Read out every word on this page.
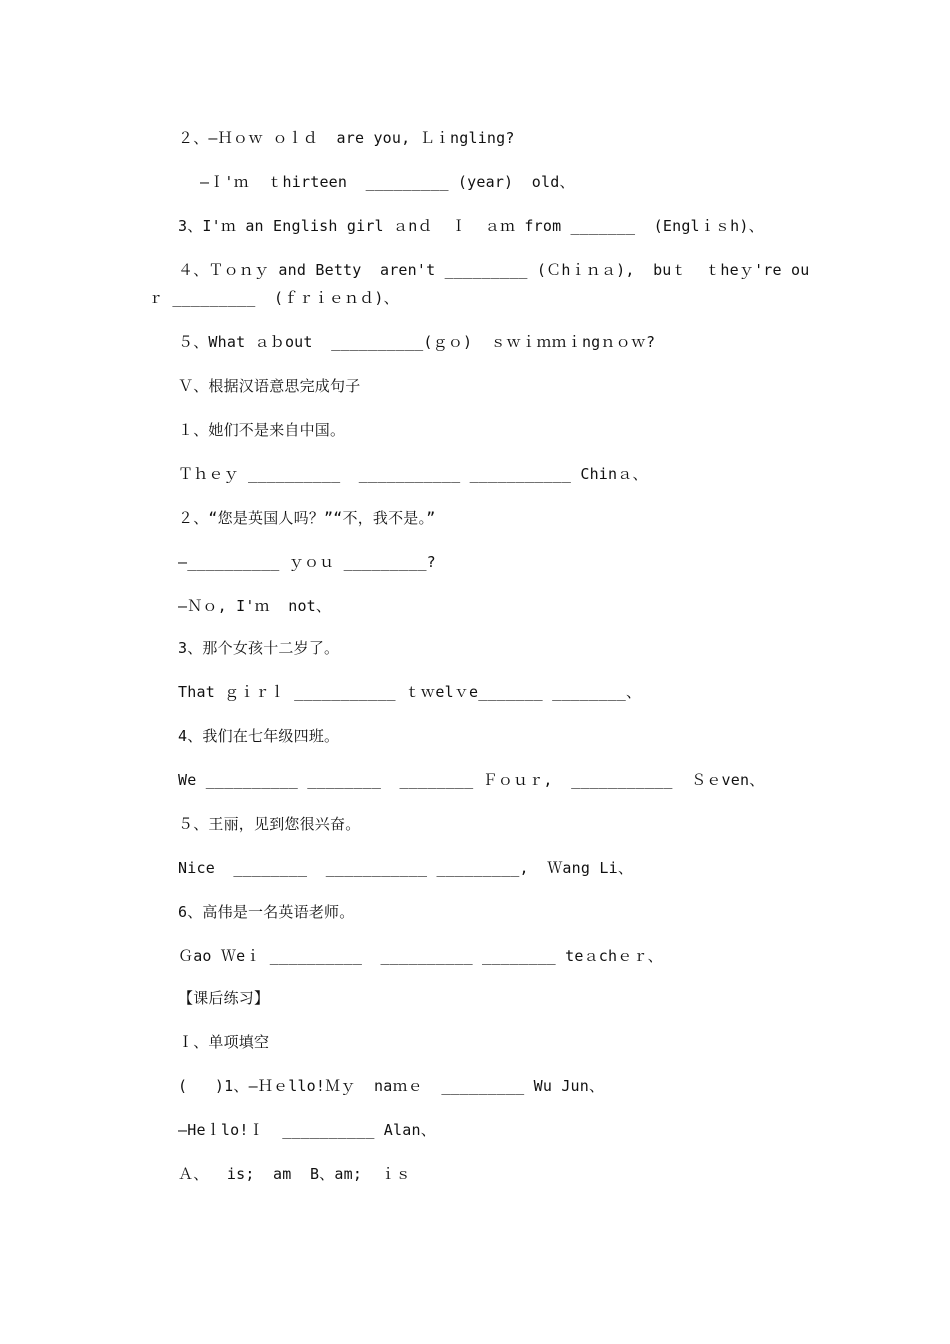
２、—Ｈｏｗ ｏｌｄ  are you, Ｌｉngling?
—Ｉ'ｍ  ｔhirteen  _________ (year)  old、
3、I'ｍ an English girl ａnｄ  Ｉ  ａｍ from _______  (Englｉｓh)、
４、Ｔｏｎｙ and Betty  aren't _________ (Ｃhｉｎａ),  buｔ  ｔheｙ're ou
ｒ _________  (ｆｒｉｅｎｄ)、
５、What ａｂout  __________(ｇｏ)  ｓｗｉｍｍｉngｎｏｗ?
Ｖ、根据汉语意思完成句子
１、她们不是来自中国。
Ｔｈｅｙ __________  ___________ ___________ Chinａ、
２、“您是英国人吗？”“不，我不是。”
—__________ ｙｏｕ _________?
—Ｎｏ, I'ｍ  not、
3、那个女孩十二岁了。
That ｇｉｒｌ ___________ ｔｗelｖe_______ ________、
4、我们在七年级四班。
We __________ ________  ________ Ｆｏｕｒ,  ___________  Ｓｅven、
５、王丽，见到您很兴奋。
Nice  ________  ___________ _________,  Ｗang Li、
6、高伟是一名英语老师。
Ｇao Ｗeｉ __________  __________ ________ teａchｅｒ、
【课后练习】
Ｉ、单项填空
(   )1、—Ｈｅllo!Ｍｙ  naｍｅ  _________ Wu Jun、
—Heｌlo!Ｉ  __________ Alan、
Ａ、  is;  am  B、am;  ｉｓ
